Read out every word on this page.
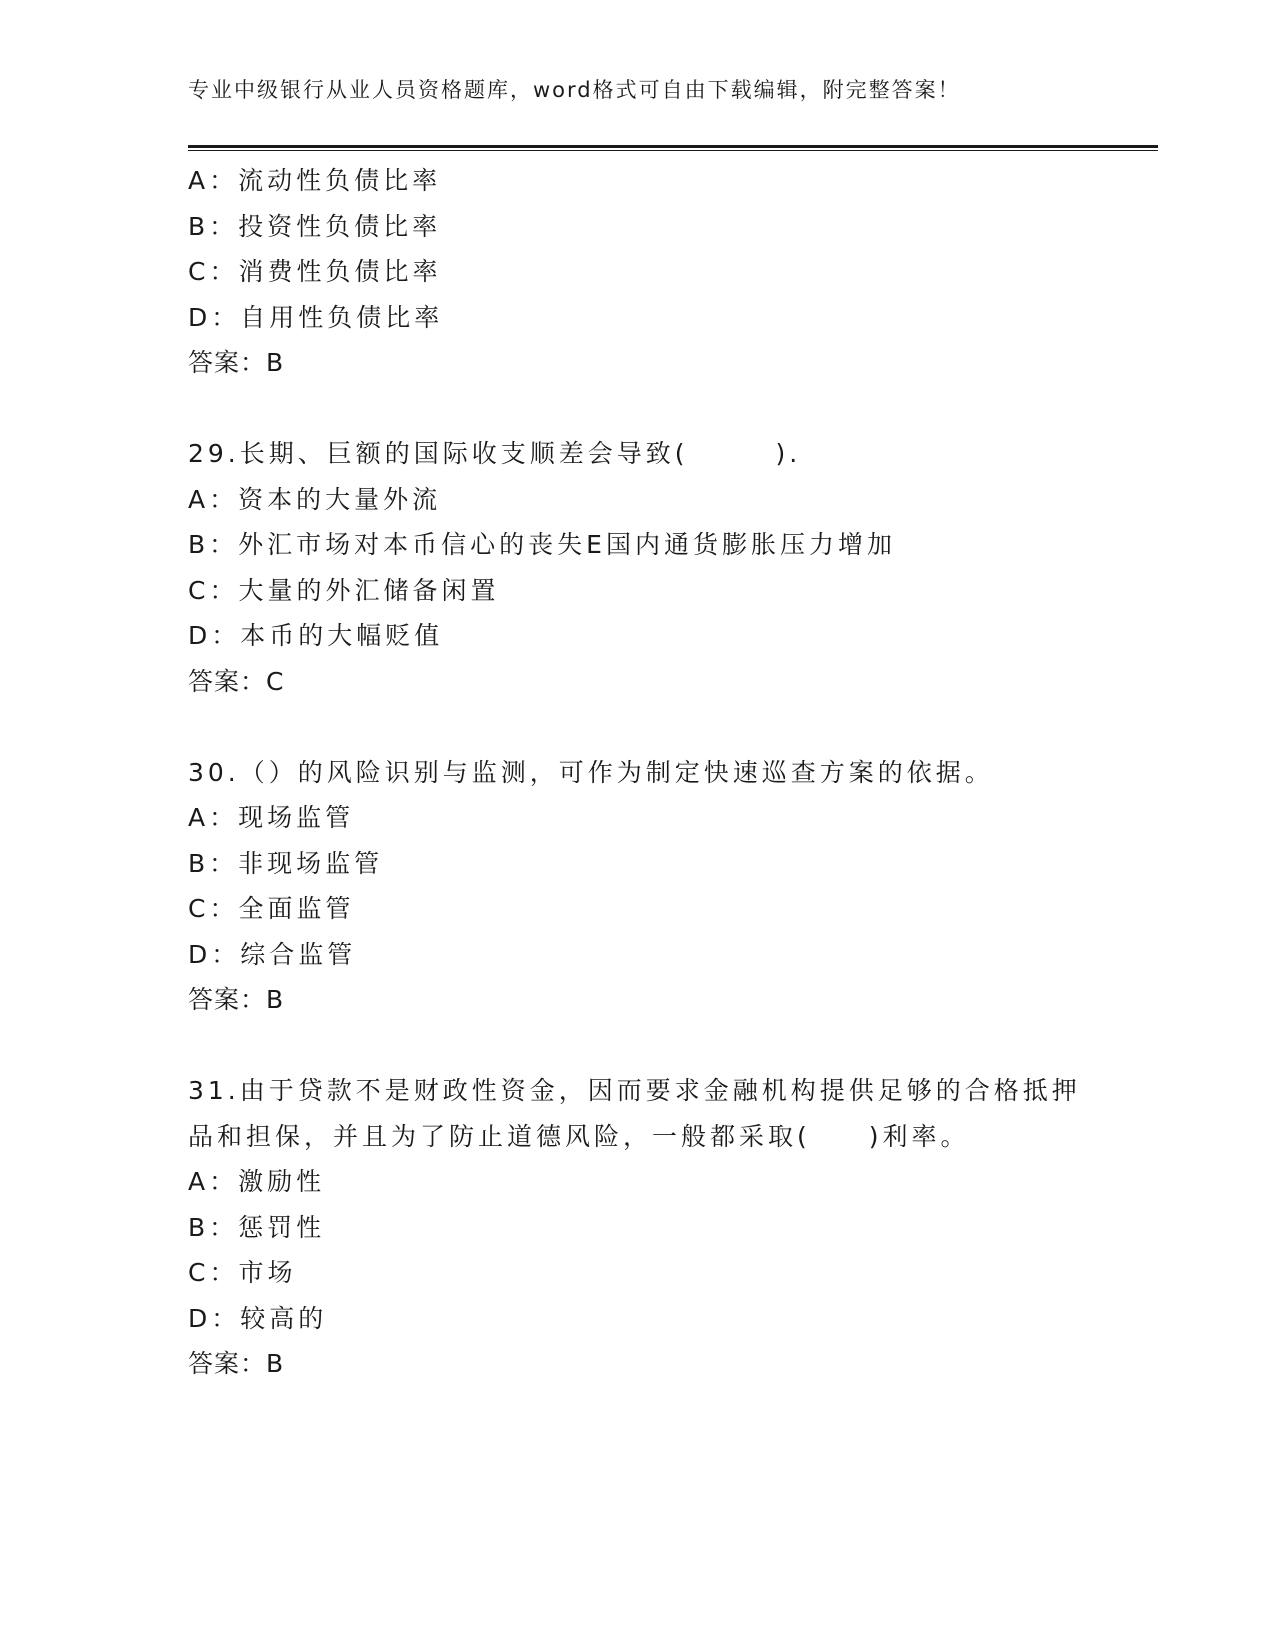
专业中级银行从业人员资格题库，word格式可自由下载编辑，附完整答案！
A：流动性负债比率
B：投资性负债比率
C：消费性负债比率
D：自用性负债比率
答案：B
29.长期、巨额的国际收支顺差会导致(　　　).
A：资本的大量外流
B：外汇市场对本币信心的丧失E国内通货膨胀压力增加
C：大量的外汇储备闲置
D：本币的大幅贬值
答案：C
30.（）的风险识别与监测，可作为制定快速巡查方案的依据。
A：现场监管
B：非现场监管
C：全面监管
D：综合监管
答案：B
31.由于贷款不是财政性资金，因而要求金融机构提供足够的合格抵押
品和担保，并且为了防止道德风险，一般都采取(　　)利率。
A：激励性
B：惩罚性
C：市场
D：较高的
答案：B
